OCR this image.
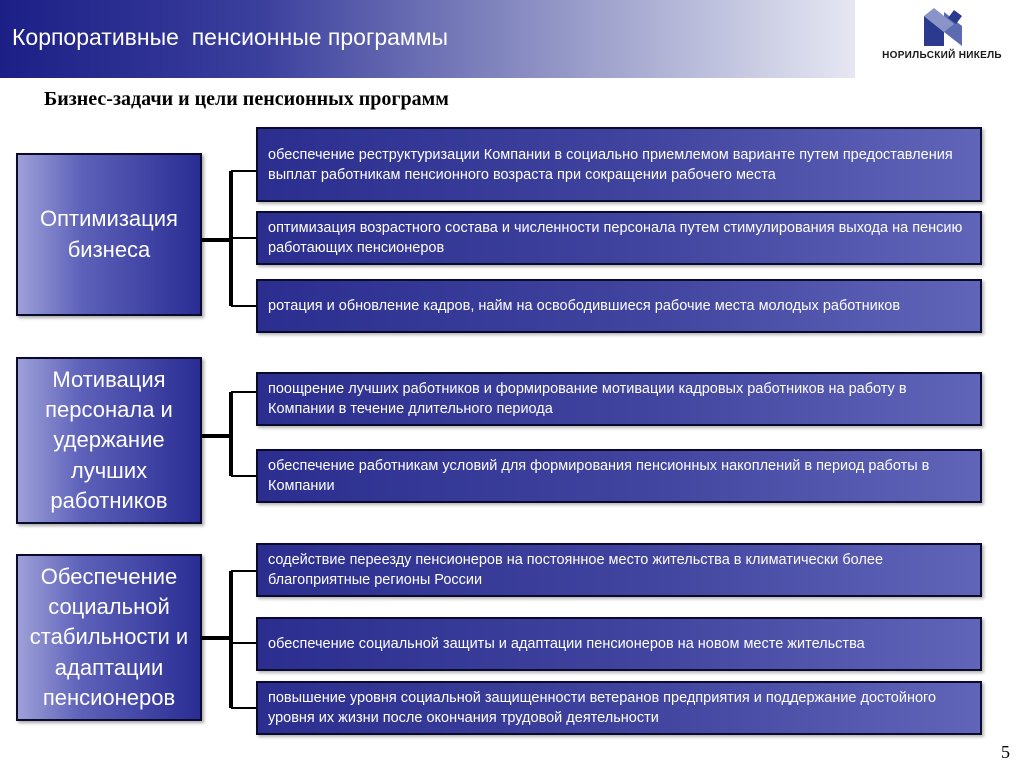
Корпоративные  пенсионные программы
НОРИЛЬСКИЙ НИКЕЛЬ
Бизнес-задачи и цели пенсионных программ
Оптимизация бизнеса
обеспечение реструктуризации Компании в социально приемлемом варианте путем предоставления выплат работникам пенсионного возраста при сокращении рабочего места
оптимизация возрастного состава и численности персонала путем стимулирования выхода на пенсию работающих пенсионеров
ротация и обновление кадров, найм на освободившиеся рабочие места молодых работников
Мотивация персонала и удержание лучших работников
поощрение лучших работников и формирование мотивации кадровых работников на работу в Компании в течение длительного периода
обеспечение работникам условий для формирования пенсионных накоплений в период работы в Компании
Обеспечение социальной стабильности и адаптации пенсионеров
содействие переезду пенсионеров на постоянное место жительства в климатически более благоприятные регионы России
обеспечение социальной защиты и адаптации пенсионеров на новом месте жительства
повышение уровня социальной защищенности ветеранов предприятия и поддержание достойного уровня их жизни после окончания трудовой деятельности
5
